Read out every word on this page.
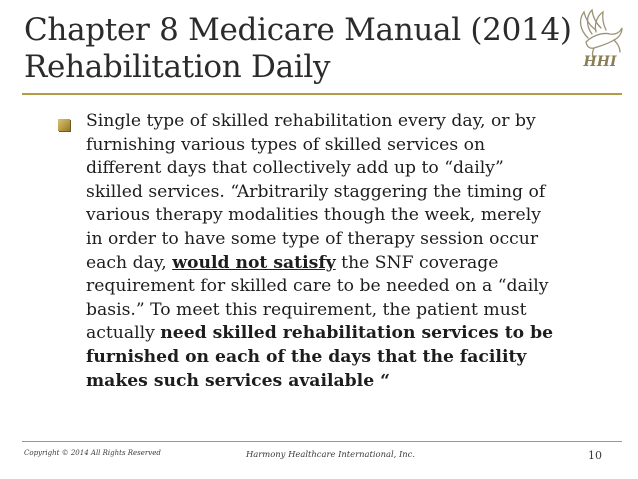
Chapter 8 Medicare Manual (2014)
Rehabilitation Daily	HHI
Single type of skilled rehabilitation every day, or by
furnishing various types of skilled services on
different days that collectively add up to “daily”
skilled services. “Arbitrarily staggering the timing of
various therapy modalities though the week, merely
in order to have some type of therapy session occur
each day, would not satisfy the SNF coverage
requirement for skilled care to be needed on a “daily
basis.” To meet this requirement, the patient must
actually need skilled rehabilitation services to be
furnished on each of the days that the facility
makes such services available “
Copyright © 2014 All Rights Reserved	Harmony Healthcare International, Inc.	10
